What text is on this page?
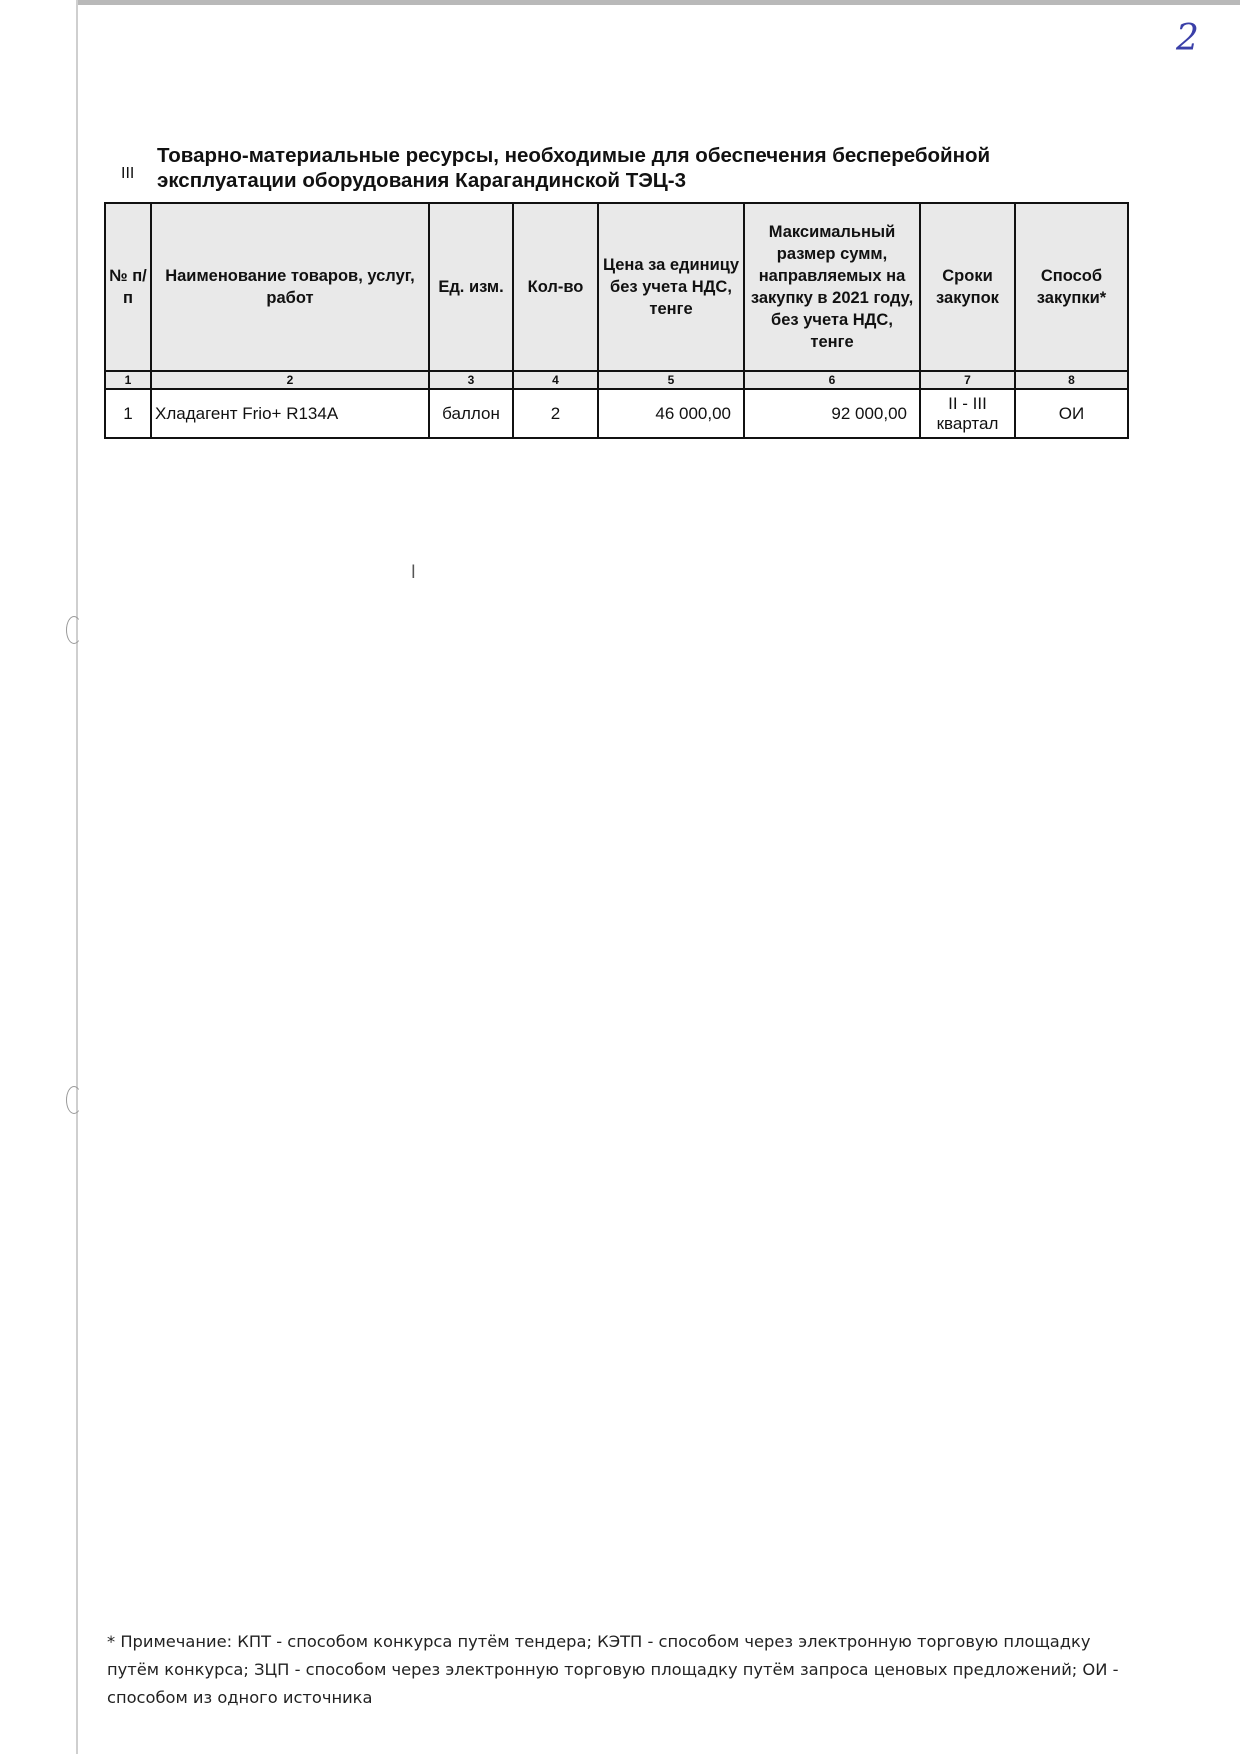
2
III
Товарно-материальные ресурсы, необходимые для обеспечения бесперебойной эксплуатации оборудования Карагандинской ТЭЦ-3
№ п/п	Наименование товаров, услуг, работ	Ед. изм.	Кол-во	Цена за единицу без учета НДС, тенге	Максимальный размер сумм, направляемых на закупку в 2021 году, без учета НДС, тенге	Сроки закупок	Способ закупки*
1	2	3	4	5	6	7	8
1	Хладагент Frio+ R134A	баллон	2	46 000,00	92 000,00	II - III квартал	ОИ
ǀ
* Примечание: КПТ - способом конкурса путём тендера; КЭТП - способом через электронную торговую площадку путём конкурса; ЗЦП - способом через электронную торговую площадку путём запроса ценовых предложений; ОИ - способом из одного источника
